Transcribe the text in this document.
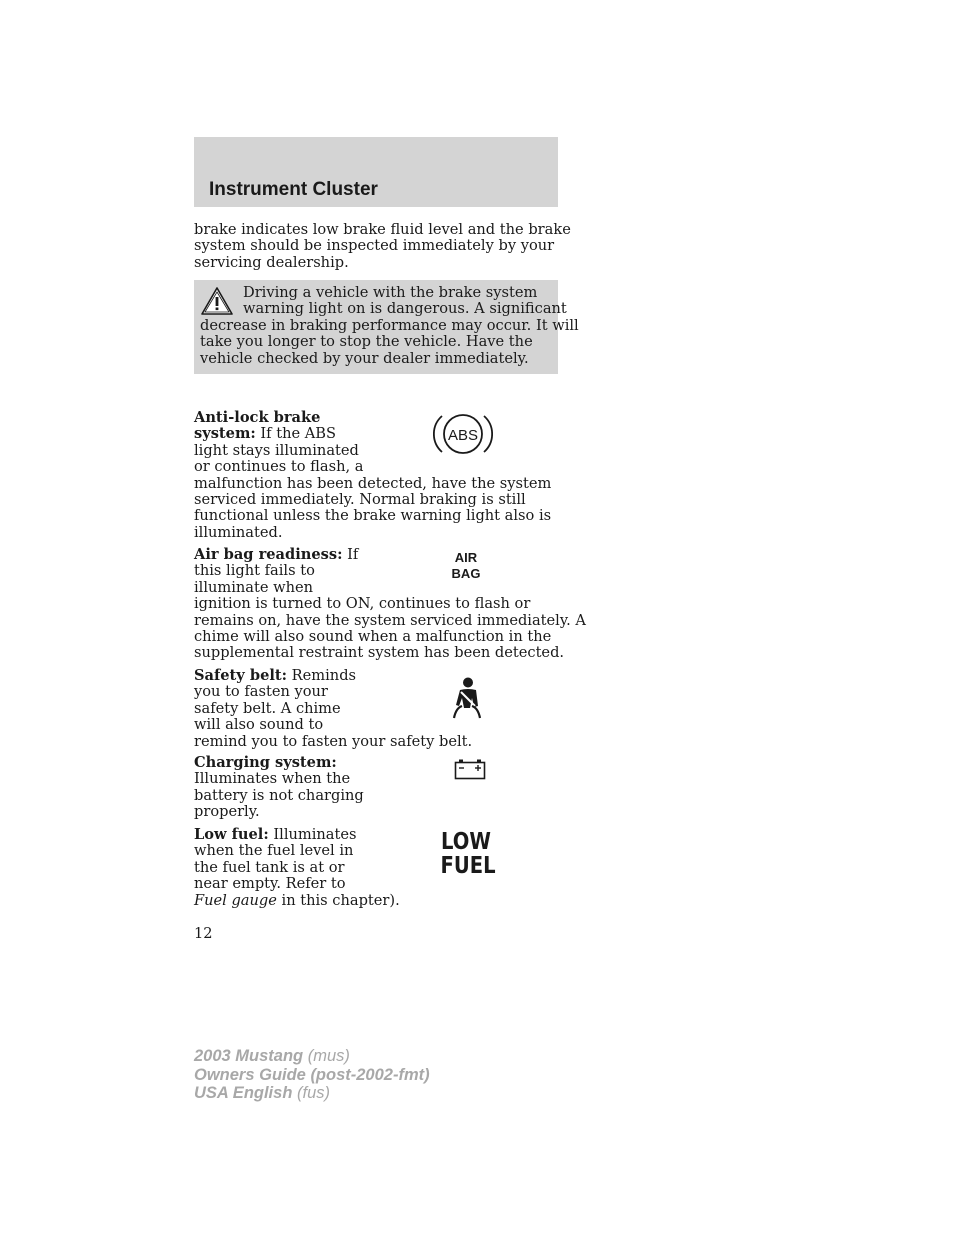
Instrument Cluster
brake indicates low brake fluid level and the brake
system should be inspected immediately by your
servicing dealership.
Driving a vehicle with the brake system
warning light on is dangerous. A significant
decrease in braking performance may occur. It will
take you longer to stop the vehicle. Have the
vehicle checked by your dealer immediately.
Anti-lock brake
system: If the ABS
light stays illuminated
or continues to flash, a
malfunction has been detected, have the system
serviced immediately. Normal braking is still
functional unless the brake warning light also is
illuminated.
ABS
Air bag readiness: If
this light fails to
illuminate when
ignition is turned to ON, continues to flash or
remains on, have the system serviced immediately. A
chime will also sound when a malfunction in the
supplemental restraint system has been detected.
AIR
BAG
Safety belt: Reminds
you to fasten your
safety belt. A chime
will also sound to
remind you to fasten your safety belt.
Charging system:
Illuminates when the
battery is not charging
properly.
Low fuel: Illuminates
when the fuel level in
the fuel tank is at or
near empty. Refer to
Fuel gauge in this chapter).
LOW
FUEL
12
2003 Mustang (mus)
Owners Guide (post-2002-fmt)
USA English (fus)
